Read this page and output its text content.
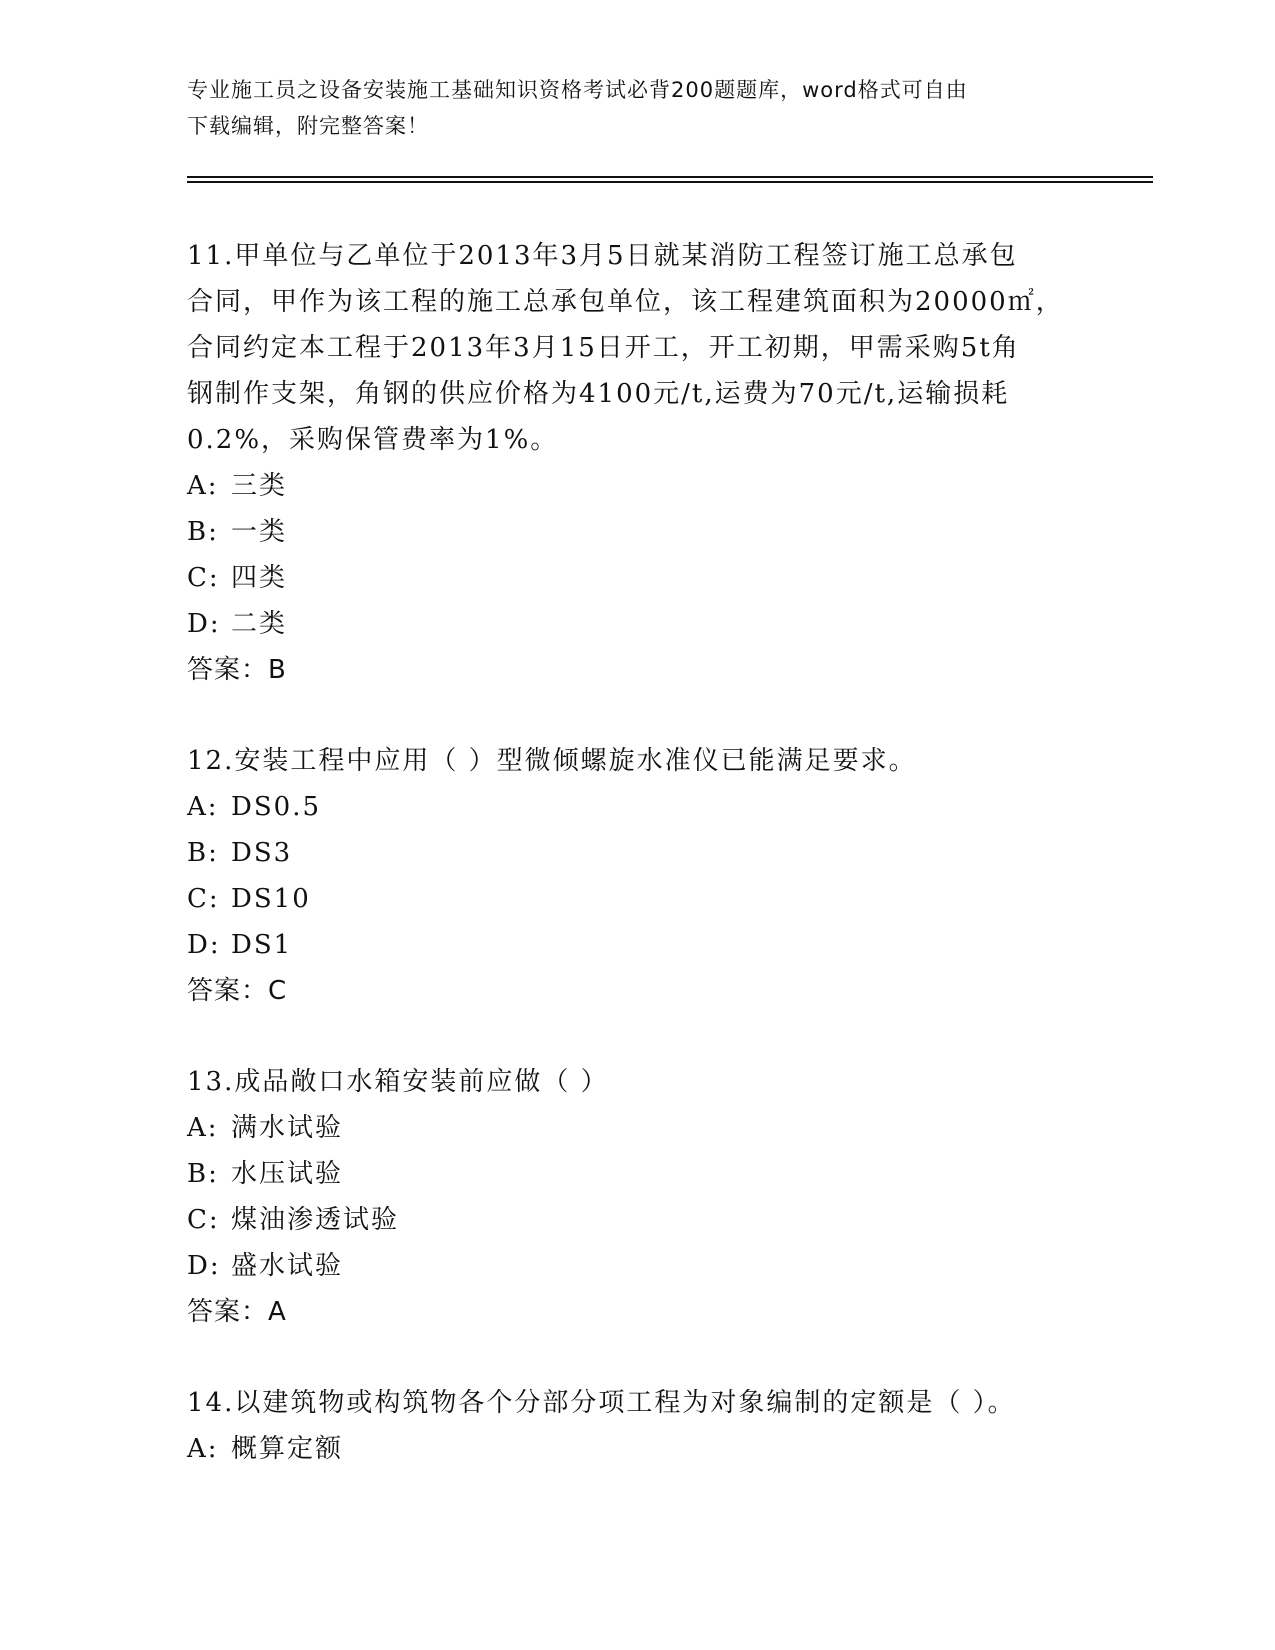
专业施工员之设备安装施工基础知识资格考试必背200题题库，word格式可自由
下载编辑，附完整答案！

11.甲单位与乙单位于2013年3月5日就某消防工程签订施工总承包

合同，甲作为该工程的施工总承包单位，该工程建筑面积为20000㎡，

合同约定本工程于2013年3月15日开工，开工初期，甲需采购5t角

钢制作支架，角钢的供应价格为4100元/t,运费为70元/t,运输损耗

0.2%，采购保管费率为1%。

A: 三类

B: 一类

C: 四类

D: 二类

答案：B

12.安装工程中应用（ ）型微倾螺旋水准仪已能满足要求。

A: DS0.5

B: DS3

C: DS10

D: DS1

答案：C

13.成品敞口水箱安装前应做（ ）

A: 满水试验

B: 水压试验

C: 煤油渗透试验

D: 盛水试验

答案：A

14.以建筑物或构筑物各个分部分项工程为对象编制的定额是（ ）。

A: 概算定额
